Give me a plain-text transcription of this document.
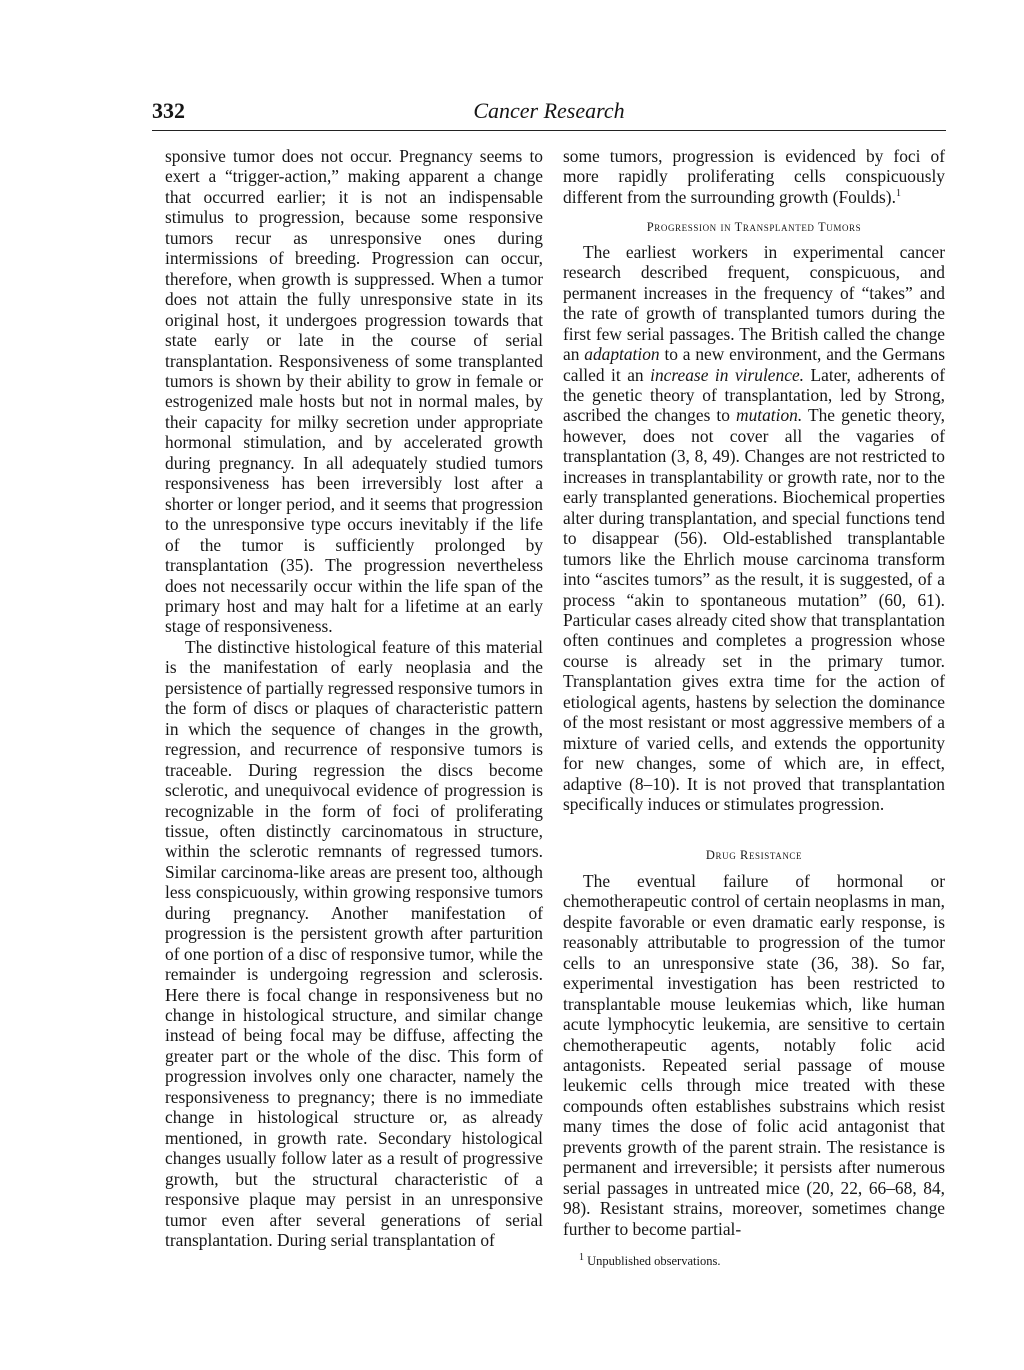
332	Cancer Research

sponsive tumor does not occur. Pregnancy seems to exert a “trigger-action,” making apparent a change that occurred earlier; it is not an indispensable stimulus to progression, because some responsive tumors recur as unresponsive ones during intermissions of breeding. Progression can occur, therefore, when growth is suppressed. When a tumor does not attain the fully unresponsive state in its original host, it undergoes progression towards that state early or late in the course of serial transplantation. Responsiveness of some transplanted tumors is shown by their ability to grow in female or estrogenized male hosts but not in normal males, by their capacity for milky secretion under appropriate hormonal stimulation, and by accelerated growth during pregnancy. In all adequately studied tumors responsiveness has been irreversibly lost after a shorter or longer period, and it seems that progression to the unresponsive type occurs inevitably if the life of the tumor is sufficiently prolonged by transplantation (35). The progression nevertheless does not necessarily occur within the life span of the primary host and may halt for a lifetime at an early stage of responsiveness.

The distinctive histological feature of this material is the manifestation of early neoplasia and the persistence of partially regressed responsive tumors in the form of discs or plaques of characteristic pattern in which the sequence of changes in the growth, regression, and recurrence of responsive tumors is traceable. During regression the discs become sclerotic, and unequivocal evidence of progression is recognizable in the form of foci of proliferating tissue, often distinctly carcinomatous in structure, within the sclerotic remnants of regressed tumors. Similar carcinoma-like areas are present too, although less conspicuously, within growing responsive tumors during pregnancy. Another manifestation of progression is the persistent growth after parturition of one portion of a disc of responsive tumor, while the remainder is undergoing regression and sclerosis. Here there is focal change in responsiveness but no change in histological structure, and similar change instead of being focal may be diffuse, affecting the greater part or the whole of the disc. This form of progression involves only one character, namely the responsiveness to pregnancy; there is no immediate change in histological structure or, as already mentioned, in growth rate. Secondary histological changes usually follow later as a result of progressive growth, but the structural characteristic of a responsive plaque may persist in an unresponsive tumor even after several generations of serial transplantation. During serial transplantation of

some tumors, progression is evidenced by foci of more rapidly proliferating cells conspicuously different from the surrounding growth (Foulds).$^1$

Progression in Transplanted Tumors

The earliest workers in experimental cancer research described frequent, conspicuous, and permanent increases in the frequency of “takes” and the rate of growth of transplanted tumors during the first few serial passages. The British called the change an adaptation to a new environment, and the Germans called it an increase in virulence. Later, adherents of the genetic theory of transplantation, led by Strong, ascribed the changes to mutation. The genetic theory, however, does not cover all the vagaries of transplantation (3, 8, 49). Changes are not restricted to increases in transplantability or growth rate, nor to the early transplanted generations. Biochemical properties alter during transplantation, and special functions tend to disappear (56). Old-established transplantable tumors like the Ehrlich mouse carcinoma transform into “ascites tumors” as the result, it is suggested, of a process “akin to spontaneous mutation” (60, 61). Particular cases already cited show that transplantation often continues and completes a progression whose course is already set in the primary tumor. Transplantation gives extra time for the action of etiological agents, hastens by selection the dominance of the most resistant or most aggressive members of a mixture of varied cells, and extends the opportunity for new changes, some of which are, in effect, adaptive (8–10). It is not proved that transplantation specifically induces or stimulates progression.

Drug Resistance

The eventual failure of hormonal or chemotherapeutic control of certain neoplasms in man, despite favorable or even dramatic early response, is reasonably attributable to progression of the tumor cells to an unresponsive state (36, 38). So far, experimental investigation has been restricted to transplantable mouse leukemias which, like human acute lymphocytic leukemia, are sensitive to certain chemotherapeutic agents, notably folic acid antagonists. Repeated serial passage of mouse leukemic cells through mice treated with these compounds often establishes substrains which resist many times the dose of folic acid antagonist that prevents growth of the parent strain. The resistance is permanent and irreversible; it persists after numerous serial passages in untreated mice (20, 22, 66–68, 84, 98). Resistant strains, moreover, sometimes change further to become partial-

$^1$ Unpublished observations.
